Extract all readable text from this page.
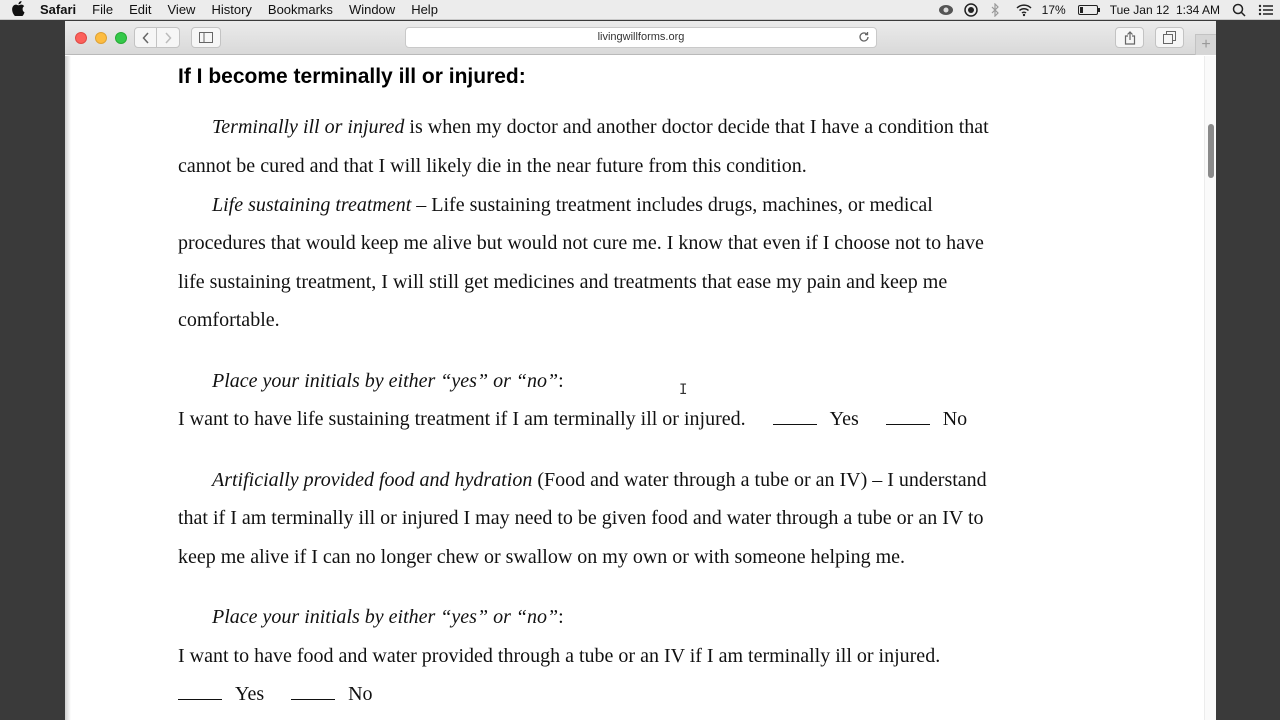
Safari	File	Edit	View	History	Bookmarks	Window	Help	17%	Tue Jan 12  1:34 AM
livingwillforms.org	+
If I become terminally ill or injured:
Terminally ill or injured is when my doctor and another doctor decide that I have a condition that
cannot be cured and that I will likely die in the near future from this condition.
Life sustaining treatment – Life sustaining treatment includes drugs, machines, or medical
procedures that would keep me alive but would not cure me. I know that even if I choose not to have
life sustaining treatment, I will still get medicines and treatments that ease my pain and keep me
comfortable.
Place your initials by either “yes” or “no”:
I want to have life sustaining treatment if I am terminally ill or injured.	Yes	No
Artificially provided food and hydration (Food and water through a tube or an IV) – I understand
that if I am terminally ill or injured I may need to be given food and water through a tube or an IV to
keep me alive if I can no longer chew or swallow on my own or with someone helping me.
Place your initials by either “yes” or “no”:
I want to have food and water provided through a tube or an IV if I am terminally ill or injured.
Yes	No
I
